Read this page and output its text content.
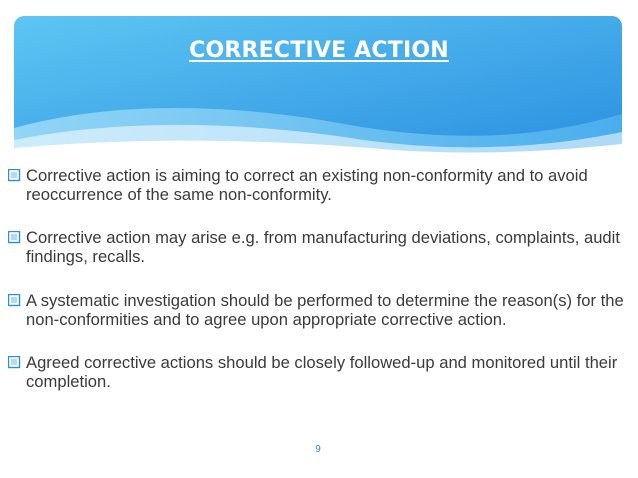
CORRECTIVE ACTION
Corrective action is aiming to correct an existing non-conformity and to avoid reoccurrence of the same non-conformity.
Corrective action may arise e.g. from manufacturing deviations, complaints, audit findings, recalls.
A systematic investigation should be performed to determine the reason(s) for the non-conformities and to agree upon appropriate corrective action.
Agreed corrective actions should be closely followed-up and monitored until their completion.
9
